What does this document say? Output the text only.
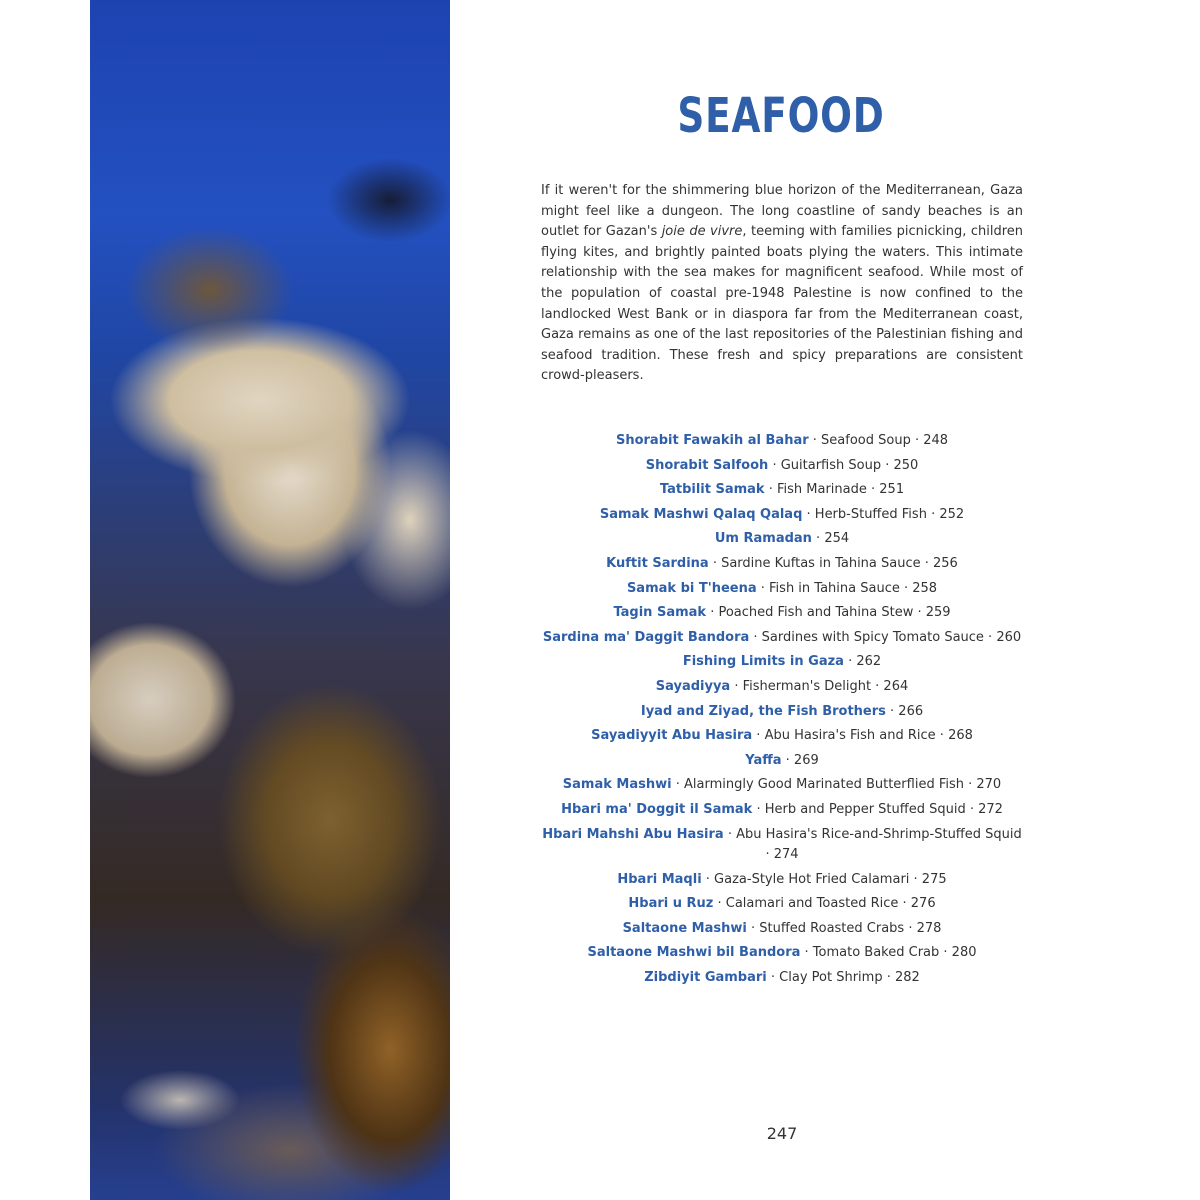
SEAFOOD

If it weren't for the shimmering blue horizon of the Mediterranean, Gaza might feel like a dungeon. The long coastline of sandy beaches is an outlet for Gazan's joie de vivre, teeming with families picnicking, children flying kites, and brightly painted boats plying the waters. This intimate relationship with the sea makes for magnificent seafood. While most of the population of coastal pre-1948 Palestine is now confined to the landlocked West Bank or in diaspora far from the Mediterranean coast, Gaza remains as one of the last repositories of the Palestinian fishing and seafood tradition. These fresh and spicy preparations are consistent crowd-pleasers.

Shorabit Fawakih al Bahar · Seafood Soup · 248
Shorabit Salfooh · Guitarfish Soup · 250
Tatbilit Samak · Fish Marinade · 251
Samak Mashwi Qalaq Qalaq · Herb-Stuffed Fish · 252
Um Ramadan · 254
Kuftit Sardina · Sardine Kuftas in Tahina Sauce · 256
Samak bi T'heena · Fish in Tahina Sauce · 258
Tagin Samak · Poached Fish and Tahina Stew · 259
Sardina ma' Daggit Bandora · Sardines with Spicy Tomato Sauce · 260
Fishing Limits in Gaza · 262
Sayadiyya · Fisherman's Delight · 264
Iyad and Ziyad, the Fish Brothers · 266
Sayadiyyit Abu Hasira · Abu Hasira's Fish and Rice · 268
Yaffa · 269
Samak Mashwi · Alarmingly Good Marinated Butterflied Fish · 270
Hbari ma' Doggit il Samak · Herb and Pepper Stuffed Squid · 272
Hbari Mahshi Abu Hasira · Abu Hasira's Rice-and-Shrimp-Stuffed Squid · 274
Hbari Maqli · Gaza-Style Hot Fried Calamari · 275
Hbari u Ruz · Calamari and Toasted Rice · 276
Saltaone Mashwi · Stuffed Roasted Crabs · 278
Saltaone Mashwi bil Bandora · Tomato Baked Crab · 280
Zibdiyit Gambari · Clay Pot Shrimp · 282

247
